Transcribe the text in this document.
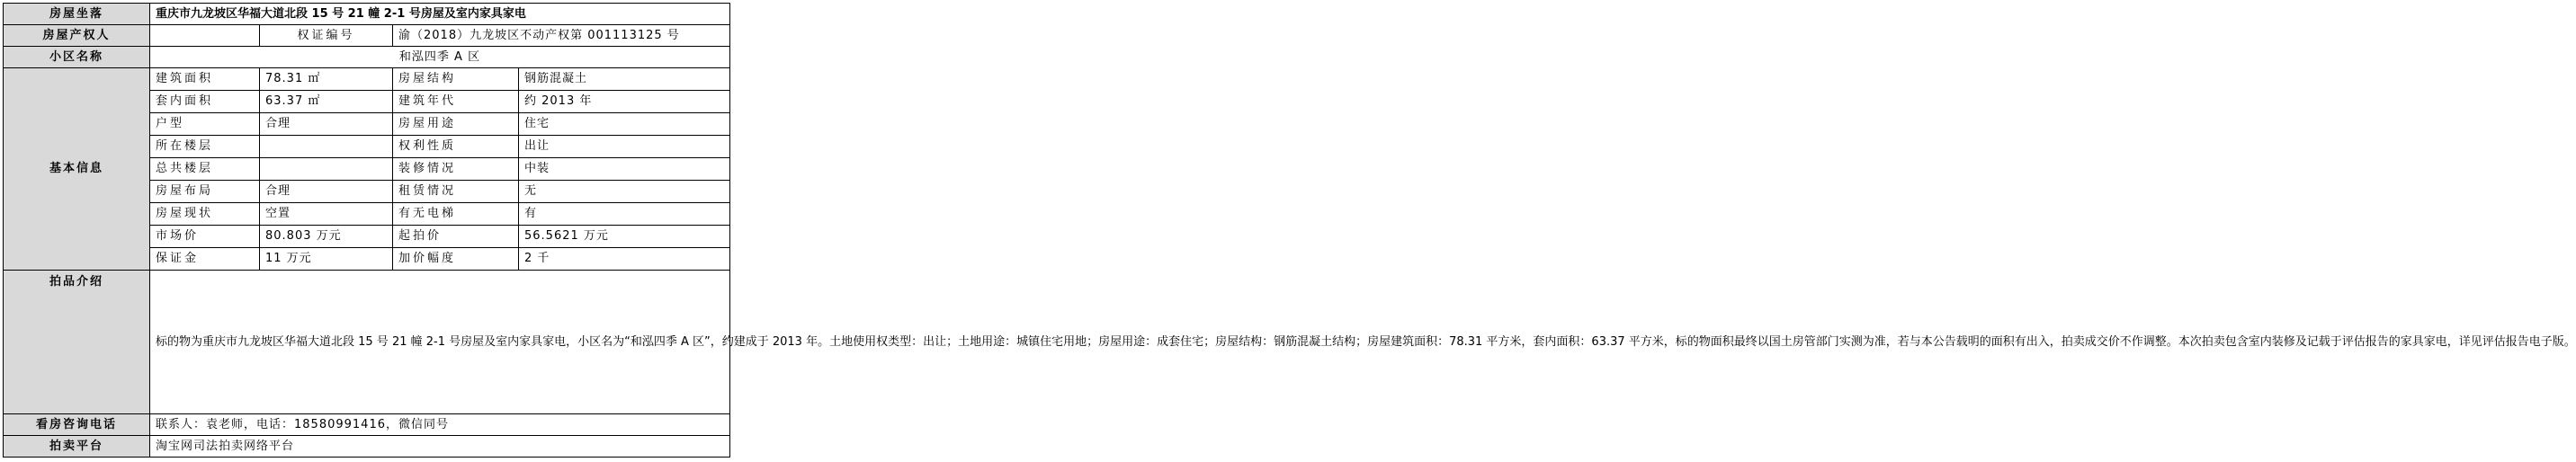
房屋坐落	重庆市九龙坡区华福大道北段 15 号 21 幢 2-1 号房屋及室内家具家电			
房屋产权人		权证编号	渝（2018）九龙坡区不动产权第 001113125 号	
小区名称	和泓四季 A 区			
基本信息	建筑面积	78.31 ㎡	房屋结构	钢筋混凝土
	套内面积	63.37 ㎡	建筑年代	约 2013 年
	户型	合理	房屋用途	住宅
	所在楼层		权利性质	出让
	总共楼层		装修情况	中装
	房屋布局	合理	租赁情况	无
	房屋现状	空置	有无电梯	有
	市场价	80.803 万元	起拍价	56.5621 万元
	保证金	11 万元	加价幅度	2 千
拍品介绍	标的物为重庆市九龙坡区华福大道北段 15 号 21 幢 2-1 号房屋及室内家具家电，小区名为“和泓四季 A 区”，约建成于 2013 年。土地使用权类型：出让；土地用途：城镇住宅用地；房屋用途：成套住宅；房屋结构：钢筋混凝土结构；房屋建筑面积：78.31 平方米，套内面积：63.37 平方米，标的物面积最终以国土房管部门实测为准，若与本公告载明的面积有出入，拍卖成交价不作调整。本次拍卖包含室内装修及记载于评估报告的家具家电，详见评估报告电子版。			
看房咨询电话	联系人：袁老师，电话：18580991416，微信同号			
拍卖平台	淘宝网司法拍卖网络平台			
